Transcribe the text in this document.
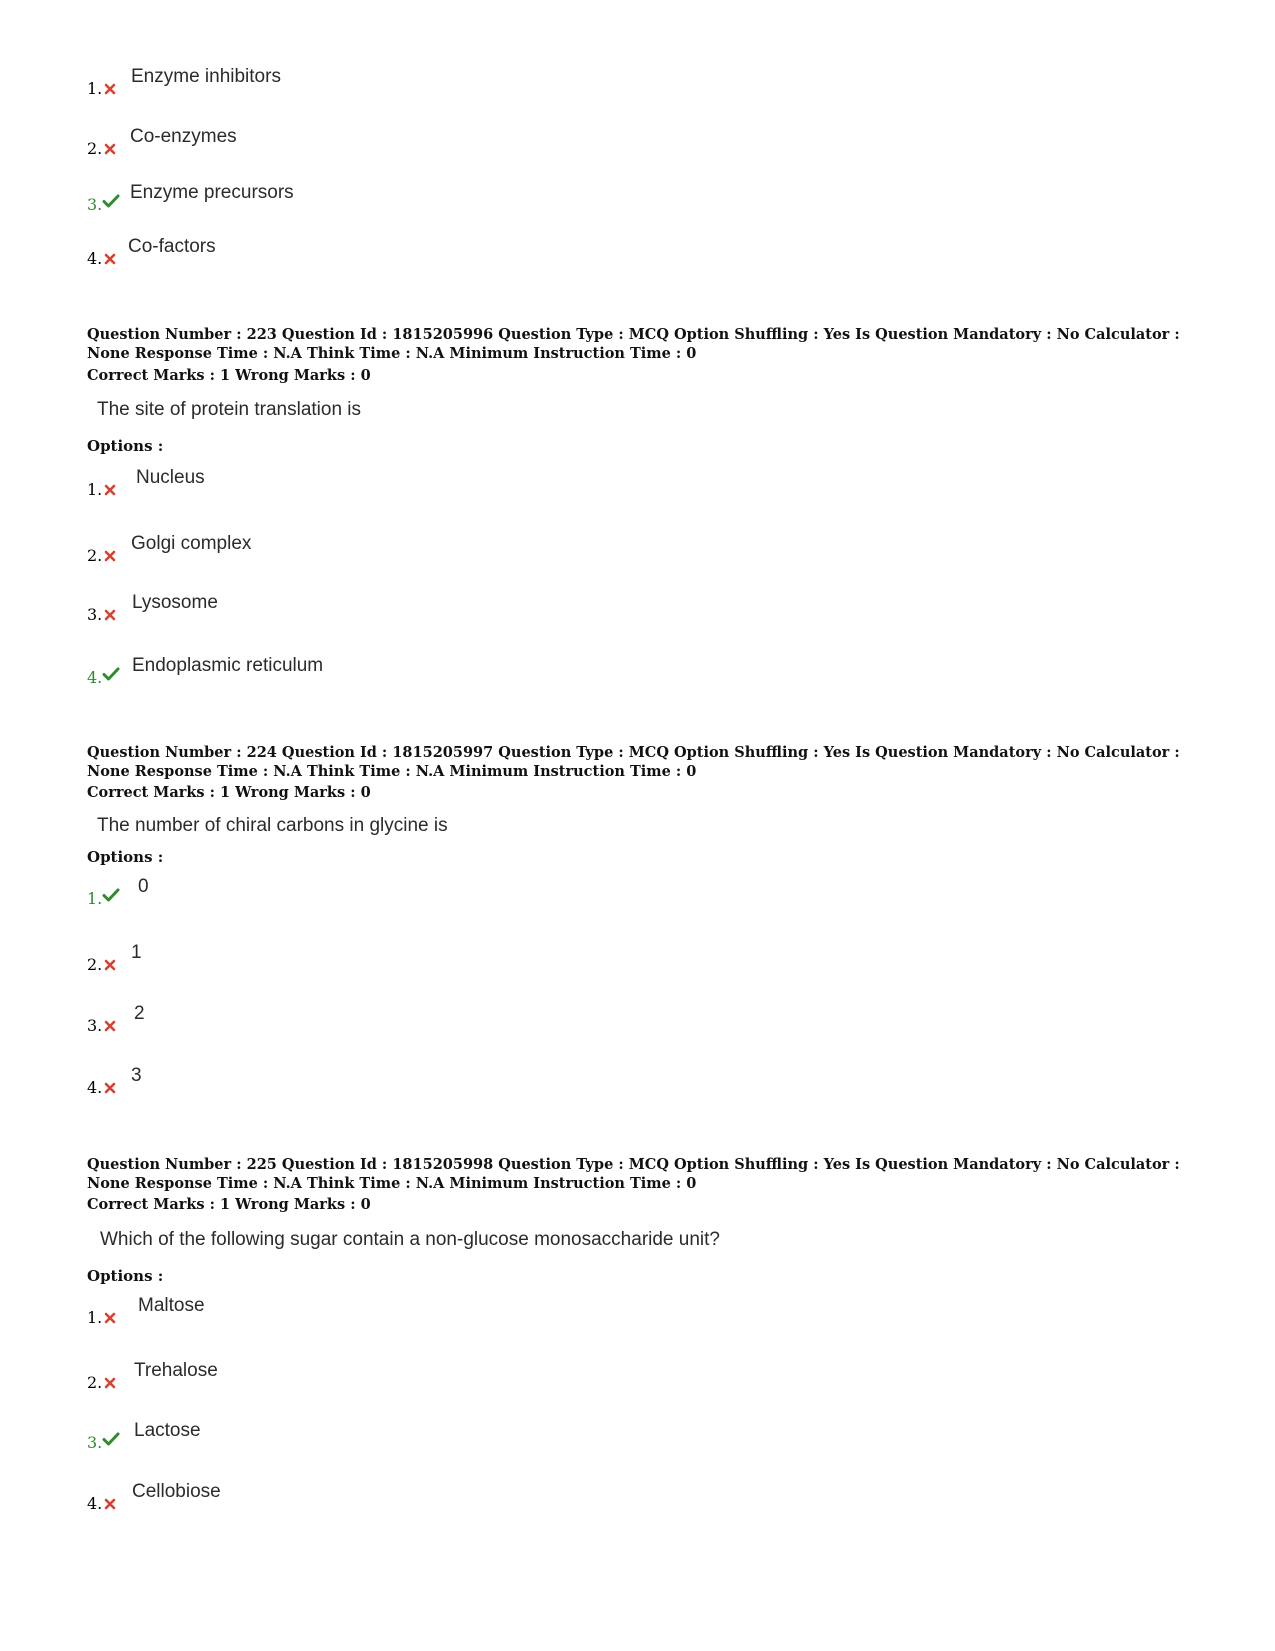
1.
Enzyme inhibitors
2.
Co-enzymes
3.
Enzyme precursors
4.
Co-factors
Question Number : 223 Question Id : 1815205996 Question Type : MCQ Option Shuffling : Yes Is Question Mandatory : No Calculator : None Response Time : N.A Think Time : N.A Minimum Instruction Time : 0
Correct Marks : 1 Wrong Marks : 0
The site of protein translation is
Options :
1.
Nucleus
2.
Golgi complex
3.
Lysosome
4.
Endoplasmic reticulum
Question Number : 224 Question Id : 1815205997 Question Type : MCQ Option Shuffling : Yes Is Question Mandatory : No Calculator : None Response Time : N.A Think Time : N.A Minimum Instruction Time : 0
Correct Marks : 1 Wrong Marks : 0
The number of chiral carbons in glycine is
Options :
1.
0
2.
1
3.
2
4.
3
Question Number : 225 Question Id : 1815205998 Question Type : MCQ Option Shuffling : Yes Is Question Mandatory : No Calculator : None Response Time : N.A Think Time : N.A Minimum Instruction Time : 0
Correct Marks : 1 Wrong Marks : 0
Which of the following sugar contain a non-glucose monosaccharide unit?
Options :
1.
Maltose
2.
Trehalose
3.
Lactose
4.
Cellobiose
